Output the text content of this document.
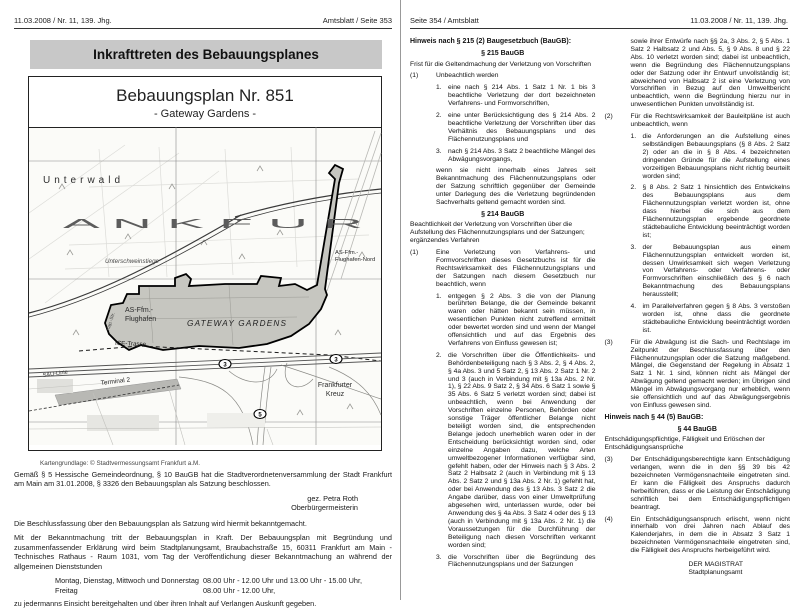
11.03.2008 / Nr. 11, 139. Jhg.	Amtsblatt / Seite 353 Seite 354 / Amtsblatt	11.03.2008 / Nr. 11, 139. Jhg.
Inkrafttreten des Bebauungsplanes
Bebauungsplan Nr. 851
- Gateway Gardens -
3
3
5
Unterwald
A N K F U R
Unterschweinstiege
AS-Ffm.-
Flughafen-Nord
AS-Ffm.-
Flughafen	GATEWAY GARDENS
ICE-Trasse
Kap.-Str.
Terminal 2
S&U-Linie
Frankfurter
Kreuz
Kartengrundlage: © Stadtvermessungsamt Frankfurt a.M.

Gemäß § 5 Hessische Gemeindeordnung, § 10 BauGB hat die Stadtverordnetenversammlung der Stadt Frankfurt am Main am 31.01.2008, § 3326 den Bebauungsplan als Satzung beschlossen.

gez. Petra Roth
Oberbürgermeisterin

Die Beschlussfassung über den Bebauungsplan als Satzung wird hiermit bekanntgemacht.

Mit der Bekanntmachung tritt der Bebauungsplan in Kraft. Der Bebauungsplan mit Begründung und zusammenfassender Erklärung wird beim Stadtplanungsamt, Braubachstraße 15, 60311 Frankfurt am Main - Technisches Rathaus - Raum 1031, vom Tag der Veröffentlichung dieser Bekanntmachung an während der allgemeinen Dienststunden

Montag, Dienstag, Mittwoch und Donnerstag 08.00 Uhr - 12.00 Uhr und 13.00 Uhr - 15.00 Uhr,
Freitag	08.00 Uhr - 12.00 Uhr,

zu jedermanns Einsicht bereitgehalten und über ihren Inhalt auf Verlangen Auskunft gegeben.

Hinweis nach § 215 (2) Baugesetzbuch (BauGB):
§ 215 BauGB
Frist für die Geltendmachung der Verletzung von Vorschriften
(1)	Unbeachtlich werden
1. eine nach § 214 Abs. 1 Satz 1 Nr. 1 bis 3 beachtliche Verletzung der dort bezeichneten Verfahrens- und Formvorschriften,
2. eine unter Berücksichtigung des § 214 Abs. 2 beachtliche Verletzung der Vorschriften über das Verhältnis des Bebauungsplans und des Flächennutzungsplans und
3. nach § 214 Abs. 3 Satz 2 beachtliche Mängel des Abwägungsvorgangs,
wenn sie nicht innerhalb eines Jahres seit Bekanntmachung des Flächennutzungsplans oder der Satzung schriftlich gegenüber der Gemeinde unter Darlegung des die Verletzung begründenden Sachverhalts geltend gemacht worden sind.
§ 214 BauGB
Beachtlichkeit der Verletzung von Vorschriften über die Aufstellung des Flächennutzungsplans und der Satzungen; ergänzendes Verfahren
(1)	Eine Verletzung von Verfahrens- und Formvorschriften dieses Gesetzbuchs ist für die Rechtswirksamkeit des Flächennutzungsplans und der Satzungen nach diesem Gesetzbuch nur beachtlich, wenn
1. entgegen § 2 Abs. 3 die von der Planung berührten Belange, die der Gemeinde bekannt waren oder hätten bekannt sein müssen, in wesentlichen Punkten nicht zutreffend ermittelt oder bewertet worden sind und wenn der Mangel offensichtlich und auf das Ergebnis des Verfahrens von Einfluss gewesen ist;
2. die Vorschriften über die Öffentlichkeits- und Behördenbeteiligung nach § 3 Abs. 2, § 4 Abs. 2, § 4a Abs. 3 und 5 Satz 2, § 13 Abs. 2 Satz 1 Nr. 2 und 3 (auch in Verbindung mit § 13a Abs. 2 Nr. 1), § 22 Abs. 9 Satz 2, § 34 Abs. 6 Satz 1 sowie § 35 Abs. 6 Satz 5 verletzt worden sind; dabei ist unbeachtlich, wenn bei Anwendung der Vorschriften einzelne Personen, Behörden oder sonstige Träger öffentlicher Belange nicht beteiligt worden sind, die entsprechenden Belange jedoch unerheblich waren oder in der Entscheidung berücksichtigt worden sind, oder einzelne Angaben dazu, welche Arten umweltbezogener Informationen verfügbar sind, gefehlt haben, oder der Hinweis nach § 3 Abs. 2 Satz 2 Halbsatz 2 (auch in Verbindung mit § 13 Abs. 2 Satz 2 und § 13a Abs. 2 Nr. 1) gefehlt hat, oder bei Anwendung des § 13 Abs. 3 Satz 2 die Angabe darüber, dass von einer Umweltprüfung abgesehen wird, unterlassen wurde, oder bei Anwendung des § 4a Abs. 3 Satz 4 oder des § 13 (auch in Verbindung mit § 13a Abs. 2 Nr. 1) die Voraussetzungen für die Durchführung der Beteiligung nach diesen Vorschriften verkannt worden sind;
3. die Vorschriften über die Begründung des Flächennutzungsplans und der Satzungen
sowie ihrer Entwürfe nach §§ 2a, 3 Abs. 2, § 5 Abs. 1 Satz 2 Halbsatz 2 und Abs. 5, § 9 Abs. 8 und § 22 Abs. 10 verletzt worden sind; dabei ist unbeachtlich, wenn die Begründung des Flächennutzungsplans oder der Satzung oder ihr Entwurf unvollständig ist; abweichend von Halbsatz 2 ist eine Verletzung von Vorschriften in Bezug auf den Umweltbericht unbeachtlich, wenn die Begründung hierzu nur in unwesentlichen Punkten unvollständig ist.
(2)	Für die Rechtswirksamkeit der Bauleitpläne ist auch unbeachtlich, wenn
1. die Anforderungen an die Aufstellung eines selbständigen Bebauungsplans (§ 8 Abs. 2 Satz 2) oder an die in § 8 Abs. 4 bezeichneten dringenden Gründe für die Aufstellung eines vorzeitigen Bebauungsplans nicht richtig beurteilt worden sind;
2. § 8 Abs. 2 Satz 1 hinsichtlich des Entwickelns des Bebauungsplans aus dem Flächennutzungsplan verletzt worden ist, ohne dass hierbei die sich aus dem Flächennutzungsplan ergebende geordnete städtebauliche Entwicklung beeinträchtigt worden ist;
3. der Bebauungsplan aus einem Flächennutzungsplan entwickelt worden ist, dessen Unwirksamkeit sich wegen Verletzung von Verfahrens- oder Verfahrens- oder Formvorschriften einschließlich des § 6 nach Bekanntmachung des Bebauungsplans herausstellt;
4. im Parallelverfahren gegen § 8 Abs. 3 verstoßen worden ist, ohne dass die geordnete städtebauliche Entwicklung beeinträchtigt worden ist.
(3)	Für die Abwägung ist die Sach- und Rechtslage im Zeitpunkt der Beschlussfassung über den Flächennutzungsplan oder die Satzung maßgebend. Mängel, die Gegenstand der Regelung in Absatz 1 Satz 1 Nr. 1 sind, können nicht als Mängel der Abwägung geltend gemacht werden; im Übrigen sind Mängel im Abwägungsvorgang nur erheblich, wenn sie offensichtlich und auf das Abwägungsergebnis von Einfluss gewesen sind.
Hinweis nach § 44 (5) BauGB:
§ 44 BauGB
Entschädigungspflichtige, Fälligkeit und Erlöschen der Entschädigungsansprüche
(3)	Der Entschädigungsberechtigte kann Entschädigung verlangen, wenn die in den §§ 39 bis 42 bezeichneten Vermögensnachteile eingetreten sind. Er kann die Fälligkeit des Anspruchs dadurch herbeiführen, dass er die Leistung der Entschädigung schriftlich bei dem Entschädigungspflichtigen beantragt.
(4)	Ein Entschädigungsanspruch erlischt, wenn nicht innerhalb von drei Jahren nach Ablauf des Kalenderjahrs, in dem die in Absatz 3 Satz 1 bezeichneten Vermögensnachteile eingetreten sind, die Fälligkeit des Anspruchs herbeigeführt wird.
DER MAGISTRAT
Stadtplanungsamt
